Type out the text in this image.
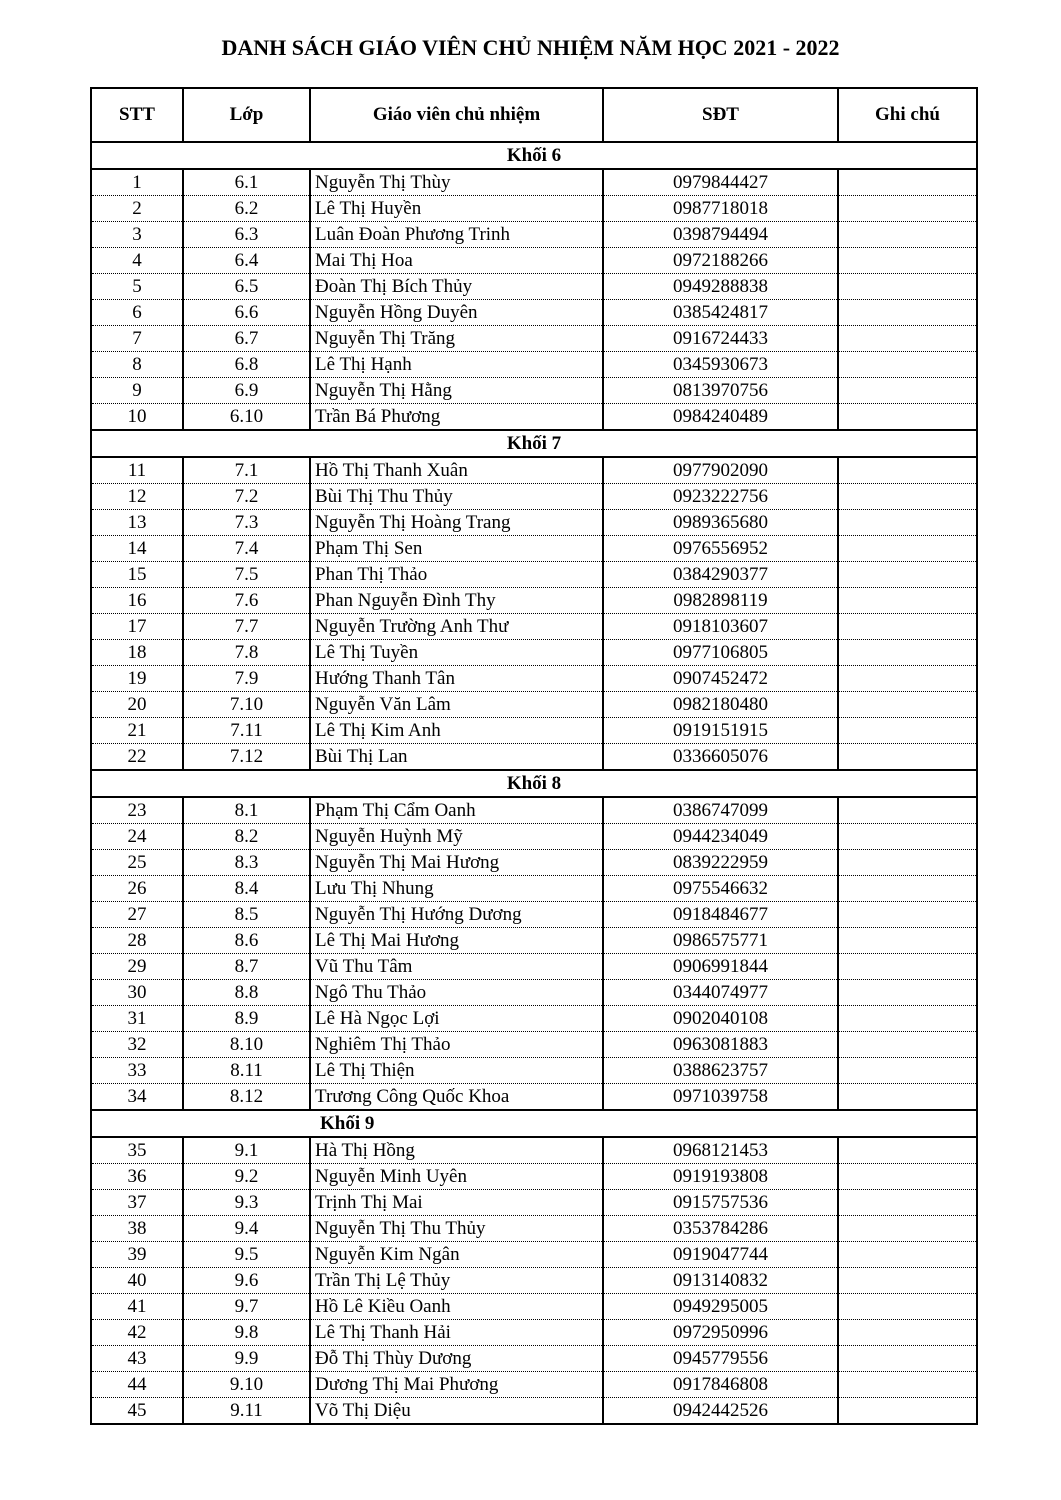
DANH SÁCH GIÁO VIÊN CHỦ NHIỆM NĂM HỌC 2021 - 2022
STT	Lớp	Giáo viên chủ nhiệm	SĐT	Ghi chú
Khối 6				
1	6.1	Nguyễn Thị Thùy	0979844427	
2	6.2	Lê Thị Huyền	0987718018	
3	6.3	Luân Đoàn Phương Trinh	0398794494	
4	6.4	Mai Thị Hoa	0972188266	
5	6.5	Đoàn Thị Bích Thủy	0949288838	
6	6.6	Nguyễn Hồng Duyên	0385424817	
7	6.7	Nguyễn Thị Trăng	0916724433	
8	6.8	Lê Thị Hạnh	0345930673	
9	6.9	Nguyễn Thị Hằng	0813970756	
10	6.10	Trần Bá Phương	0984240489	
Khối 7				
11	7.1	Hồ Thị Thanh Xuân	0977902090	
12	7.2	Bùi Thị Thu Thủy	0923222756	
13	7.3	Nguyễn Thị Hoàng Trang	0989365680	
14	7.4	Phạm Thị Sen	0976556952	
15	7.5	Phan Thị Thảo	0384290377	
16	7.6	Phan Nguyễn Đình Thy	0982898119	
17	7.7	Nguyễn Trường Anh Thư	0918103607	
18	7.8	Lê Thị Tuyền	0977106805	
19	7.9	Hướng Thanh Tân	0907452472	
20	7.10	Nguyễn Văn Lâm	0982180480	
21	7.11	Lê Thị Kim Anh	0919151915	
22	7.12	Bùi Thị Lan	0336605076	
Khối 8				
23	8.1	Phạm Thị Cẩm Oanh	0386747099	
24	8.2	Nguyễn Huỳnh Mỹ	0944234049	
25	8.3	Nguyễn Thị Mai Hương	0839222959	
26	8.4	Lưu Thị Nhung	0975546632	
27	8.5	Nguyễn Thị Hướng Dương	0918484677	
28	8.6	Lê Thị Mai Hương	0986575771	
29	8.7	Vũ Thu Tâm	0906991844	
30	8.8	Ngô Thu Thảo	0344074977	
31	8.9	Lê Hà Ngọc Lợi	0902040108	
32	8.10	Nghiêm Thị Thảo	0963081883	
33	8.11	Lê Thị Thiện	0388623757	
34	8.12	Trương Công Quốc Khoa	0971039758	
Khối 9				
35	9.1	Hà Thị Hồng	0968121453	
36	9.2	Nguyễn Minh Uyên	0919193808	
37	9.3	Trịnh Thị Mai	0915757536	
38	9.4	Nguyễn Thị Thu Thủy	0353784286	
39	9.5	Nguyễn Kim Ngân	0919047744	
40	9.6	Trần Thị Lệ Thủy	0913140832	
41	9.7	Hồ Lê Kiều Oanh	0949295005	
42	9.8	Lê Thị Thanh Hải	0972950996	
43	9.9	Đỗ Thị Thùy Dương	0945779556	
44	9.10	Dương Thị Mai Phương	0917846808	
45	9.11	Võ Thị Diệu	0942442526	
